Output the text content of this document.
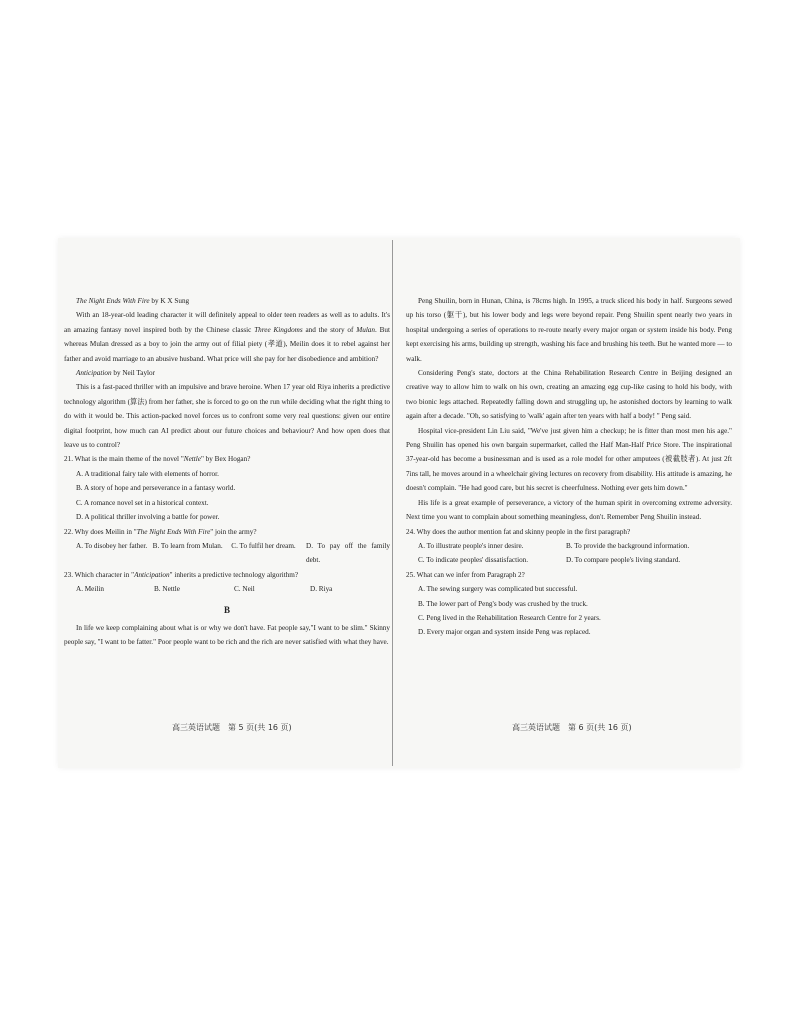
The Night Ends With Fire by K X Sung

With an 18-year-old leading character it will definitely appeal to older teen readers as well as to adults. It's an amazing fantasy novel inspired both by the Chinese classic Three Kingdoms and the story of Mulan. But whereas Mulan dressed as a boy to join the army out of filial piety (孝道), Meilin does it to rebel against her father and avoid marriage to an abusive husband. What price will she pay for her disobedience and ambition?

Anticipation by Neil Taylor

This is a fast-paced thriller with an impulsive and brave heroine. When 17 year old Riya inherits a predictive technology algorithm (算法) from her father, she is forced to go on the run while deciding what the right thing to do with it would be. This action-packed novel forces us to confront some very real questions: given our entire digital footprint, how much can AI predict about our future choices and behaviour? And how open does that leave us to control?

21. What is the main theme of the novel "Nettle" by Bex Hogan?

A. A traditional fairy tale with elements of horror.

B. A story of hope and perseverance in a fantasy world.

C. A romance novel set in a historical context.

D. A political thriller involving a battle for power.

22. Why does Meilin in "The Night Ends With Fire" join the army?

A. To disobey her father. B. To learn from Mulan.	C. To fulfil her dream.	D. To pay off the family debt.

23. Which character in "Anticipation" inherits a predictive technology algorithm?

A. Meilin	B. Nettle	C. Neil	D. Riya

B

In life we keep complaining about what is or why we don't have. Fat people say,"I want to be slim." Skinny people say, "I want to be fatter." Poor people want to be rich and the rich are never satisfied with what they have.

Peng Shuilin, born in Hunan, China, is 78cms high. In 1995, a truck sliced his body in half. Surgeons sewed up his torso (躯干), but his lower body and legs were beyond repair. Peng Shuilin spent nearly two years in hospital undergoing a series of operations to re-route nearly every major organ or system inside his body. Peng kept exercising his arms, building up strength, washing his face and brushing his teeth. But he wanted more — to walk.

Considering Peng's state, doctors at the China Rehabilitation Research Centre in Beijing designed an creative way to allow him to walk on his own, creating an amazing egg cup-like casing to hold his body, with two bionic legs attached. Repeatedly falling down and struggling up, he astonished doctors by learning to walk again after a decade. "Oh, so satisfying to 'walk' again after ten years with half a body! " Peng said.

Hospital vice-president Lin Liu said, "We've just given him a checkup; he is fitter than most men his age." Peng Shuilin has opened his own bargain supermarket, called the Half Man-Half Price Store. The inspirational 37-year-old has become a businessman and is used as a role model for other amputees (被截肢者). At just 2ft 7ins tall, he moves around in a wheelchair giving lectures on recovery from disability. His attitude is amazing, he doesn't complain. "He had good care, but his secret is cheerfulness. Nothing ever gets him down."

His life is a great example of perseverance, a victory of the human spirit in overcoming extreme adversity. Next time you want to complain about something meaningless, don't. Remember Peng Shuilin instead.

24. Why does the author mention fat and skinny people in the first paragraph?

A. To illustrate people's inner desire.	B. To provide the background information.

C. To indicate peoples' dissatisfaction.	D. To compare people's living standard.

25. What can we infer from Paragraph 2?

A. The sewing surgery was complicated but successful.

B. The lower part of Peng's body was crushed by the truck.

C. Peng lived in the Rehabilitation Research Centre for 2 years.

D. Every major organ and system inside Peng was replaced.

高三英语试题　第 5 页(共 16 页)	高三英语试题　第 6 页(共 16 页)
